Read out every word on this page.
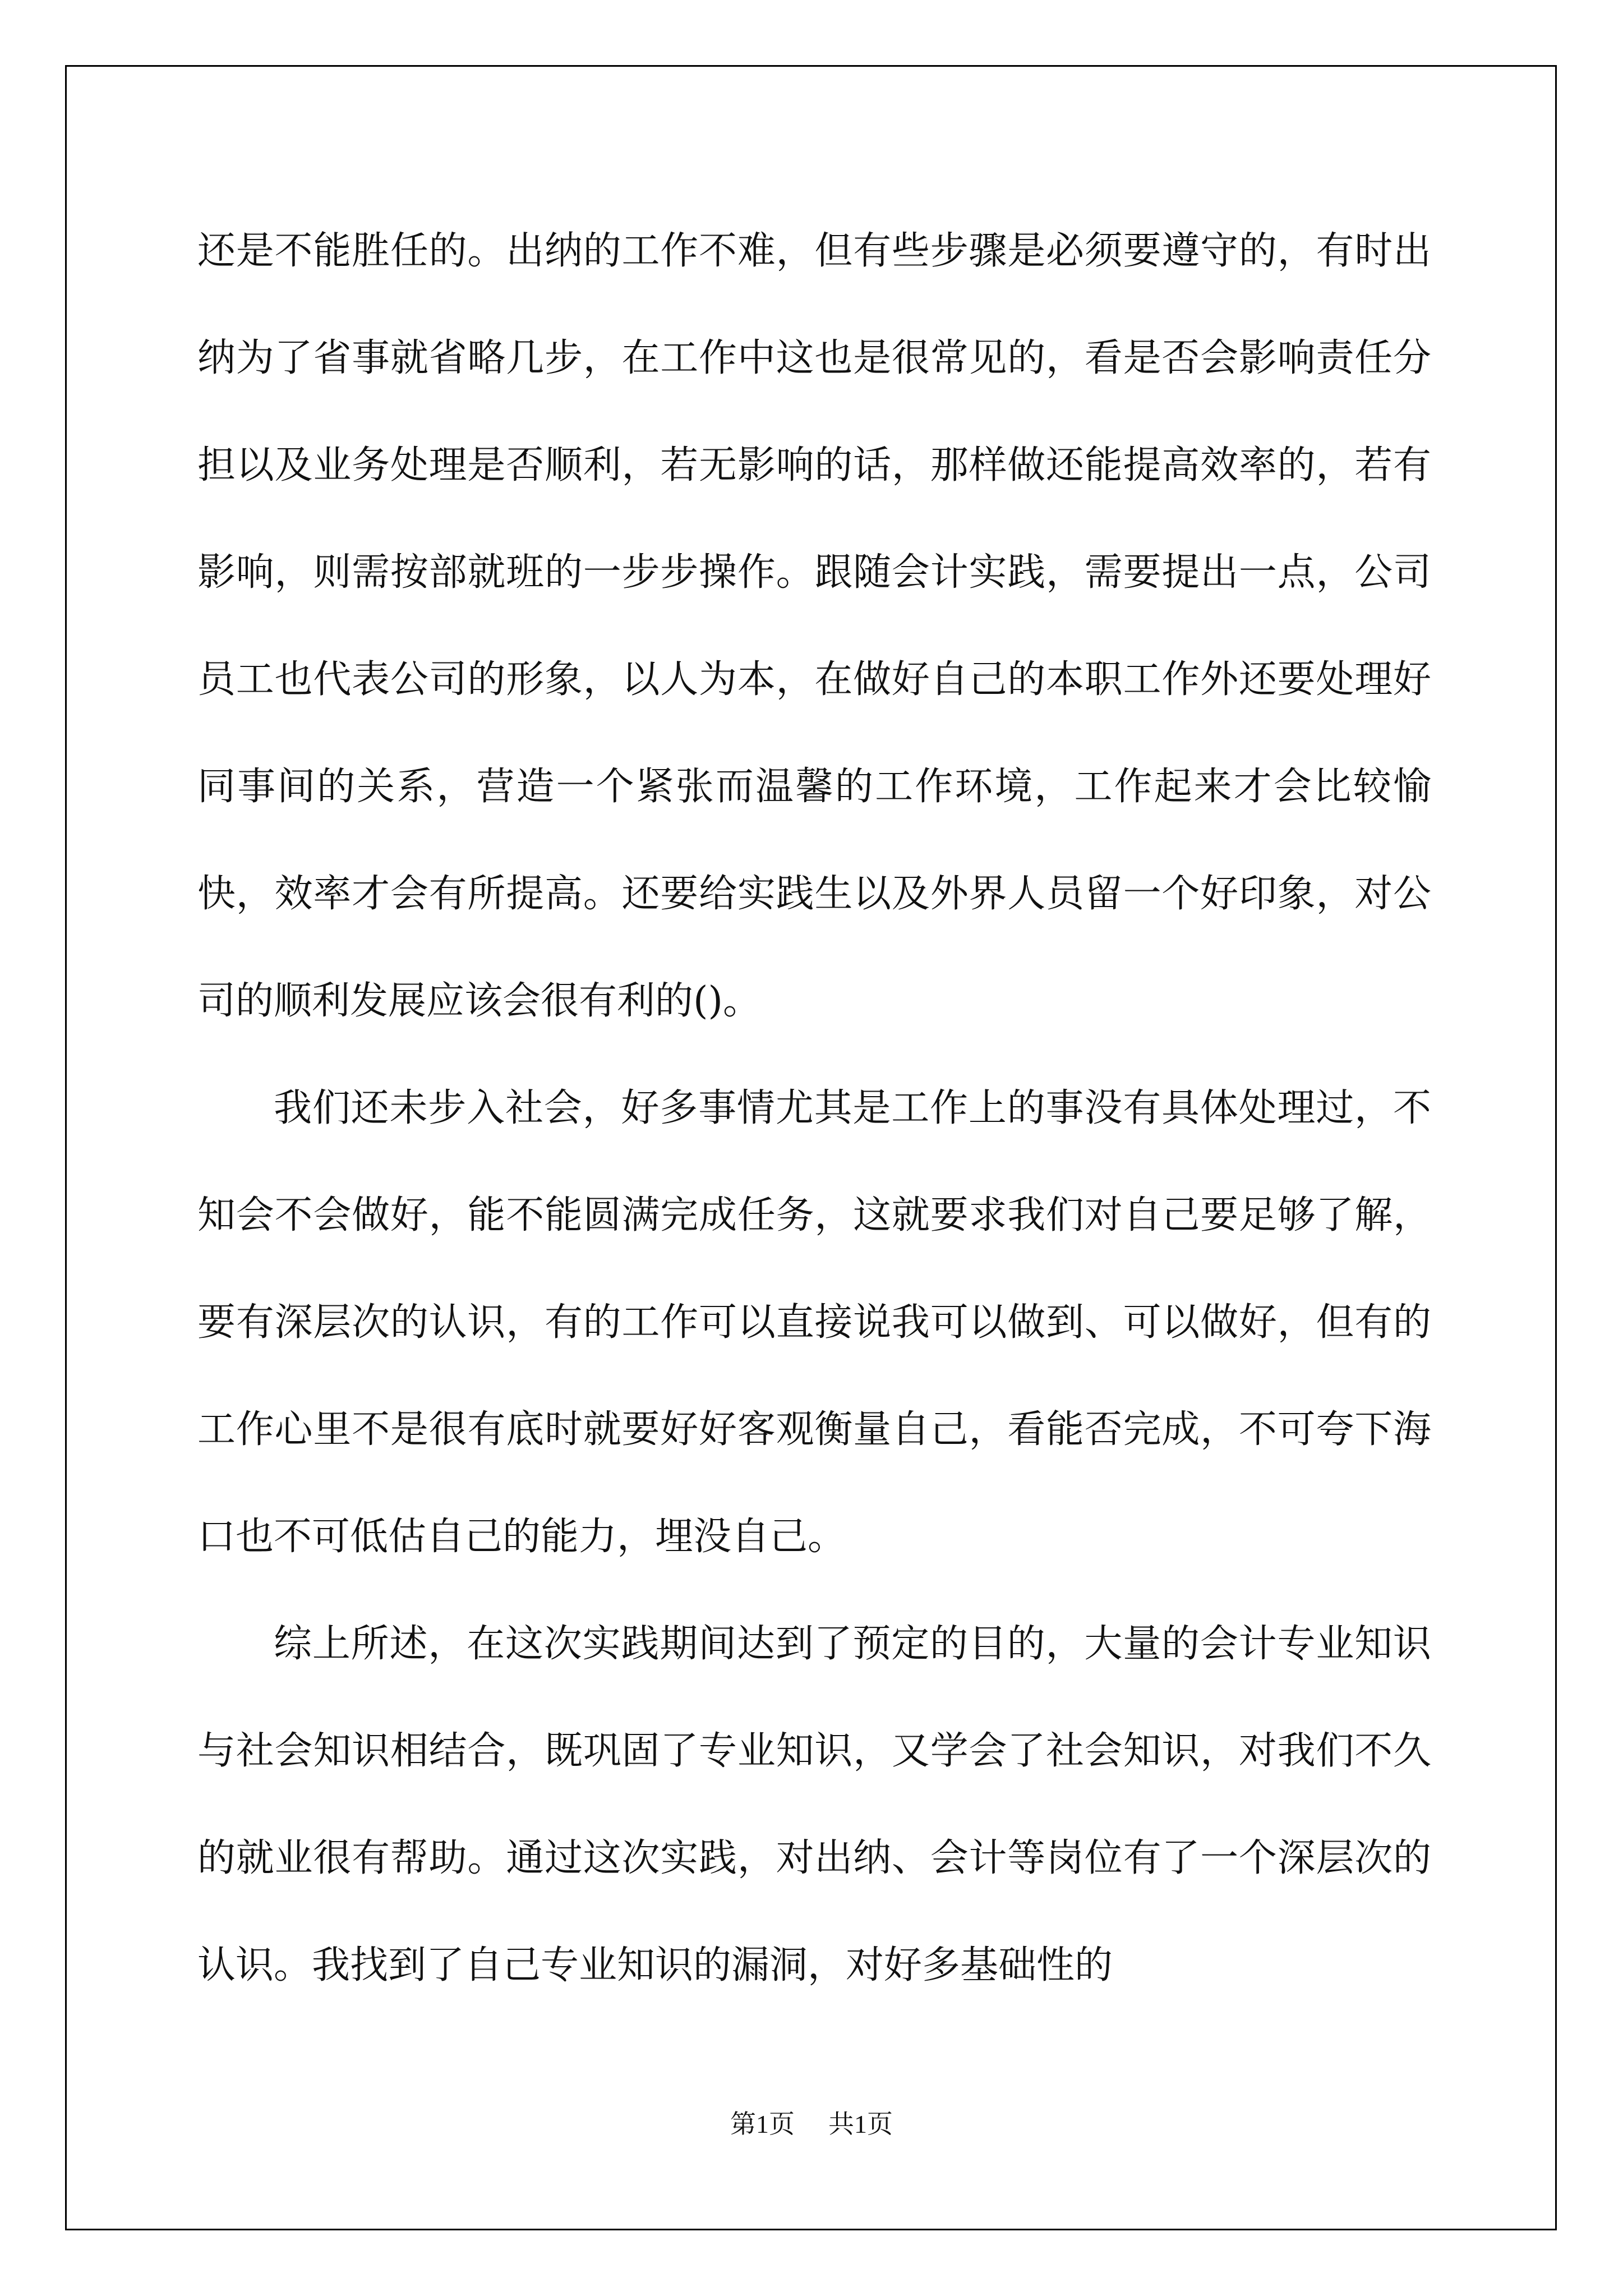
还是不能胜任的。出纳的工作不难，但有些步骤是必须要遵守的，有时出纳为了省事就省略几步，在工作中这也是很常见的，看是否会影响责任分担以及业务处理是否顺利，若无影响的话，那样做还能提高效率的，若有影响，则需按部就班的一步步操作。跟随会计实践，需要提出一点，公司员工也代表公司的形象，以人为本，在做好自己的本职工作外还要处理好同事间的关系，营造一个紧张而温馨的工作环境，工作起来才会比较愉快，效率才会有所提高。还要给实践生以及外界人员留一个好印象，对公司的顺利发展应该会很有利的()。

我们还未步入社会，好多事情尤其是工作上的事没有具体处理过，不知会不会做好，能不能圆满完成任务，这就要求我们对自己要足够了解，要有深层次的认识，有的工作可以直接说我可以做到、可以做好，但有的工作心里不是很有底时就要好好客观衡量自己，看能否完成，不可夸下海口也不可低估自己的能力，埋没自己。

综上所述，在这次实践期间达到了预定的目的，大量的会计专业知识与社会知识相结合，既巩固了专业知识，又学会了社会知识，对我们不久的就业很有帮助。通过这次实践，对出纳、会计等岗位有了一个深层次的认识。我找到了自己专业知识的漏洞，对好多基础性的

第1页 共1页
